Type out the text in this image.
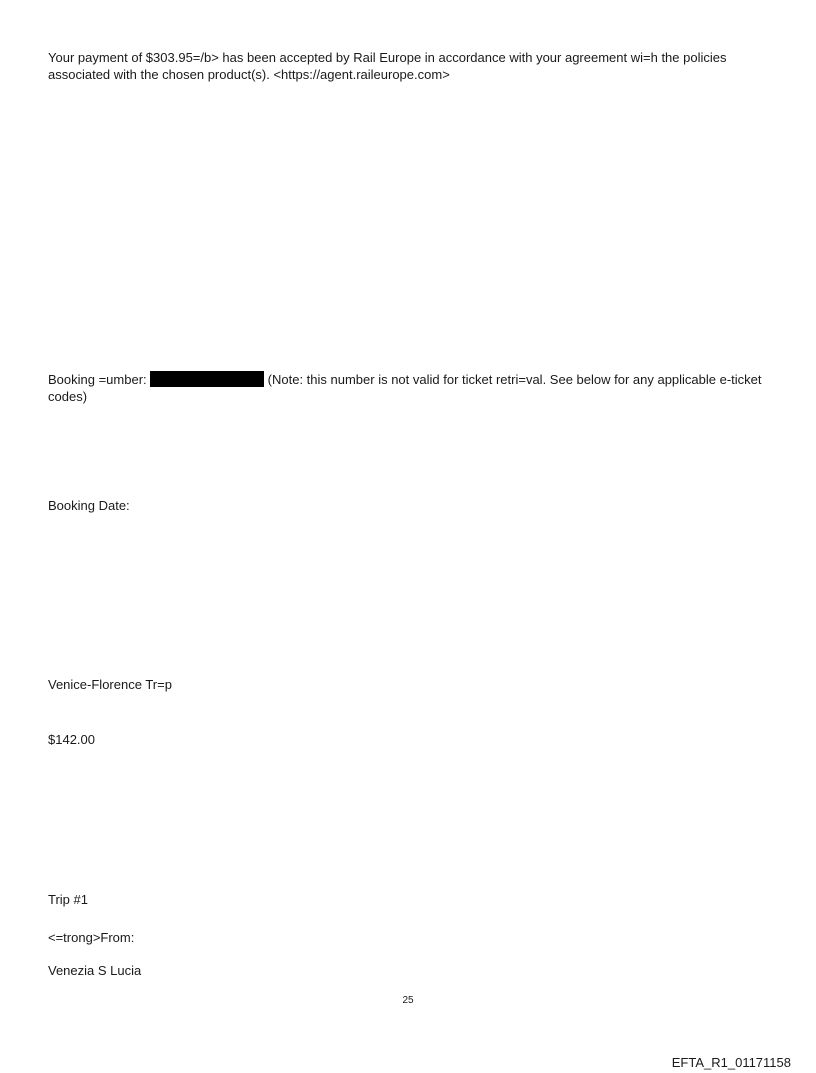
Your payment of $303.95=/b> has been accepted by Rail Europe in accordance with your agreement wi=h the policies associated with the chosen product(s). <https://agent.raileurope.com>
Booking =umber:	(Note: this number is not valid for ticket retri=val. See below for any applicable e-ticket codes)
Booking Date:
Venice-Florence Tr=p
$142.00
Trip #1
<=trong>From:
Venezia S Lucia
25
EFTA_R1_01171158
